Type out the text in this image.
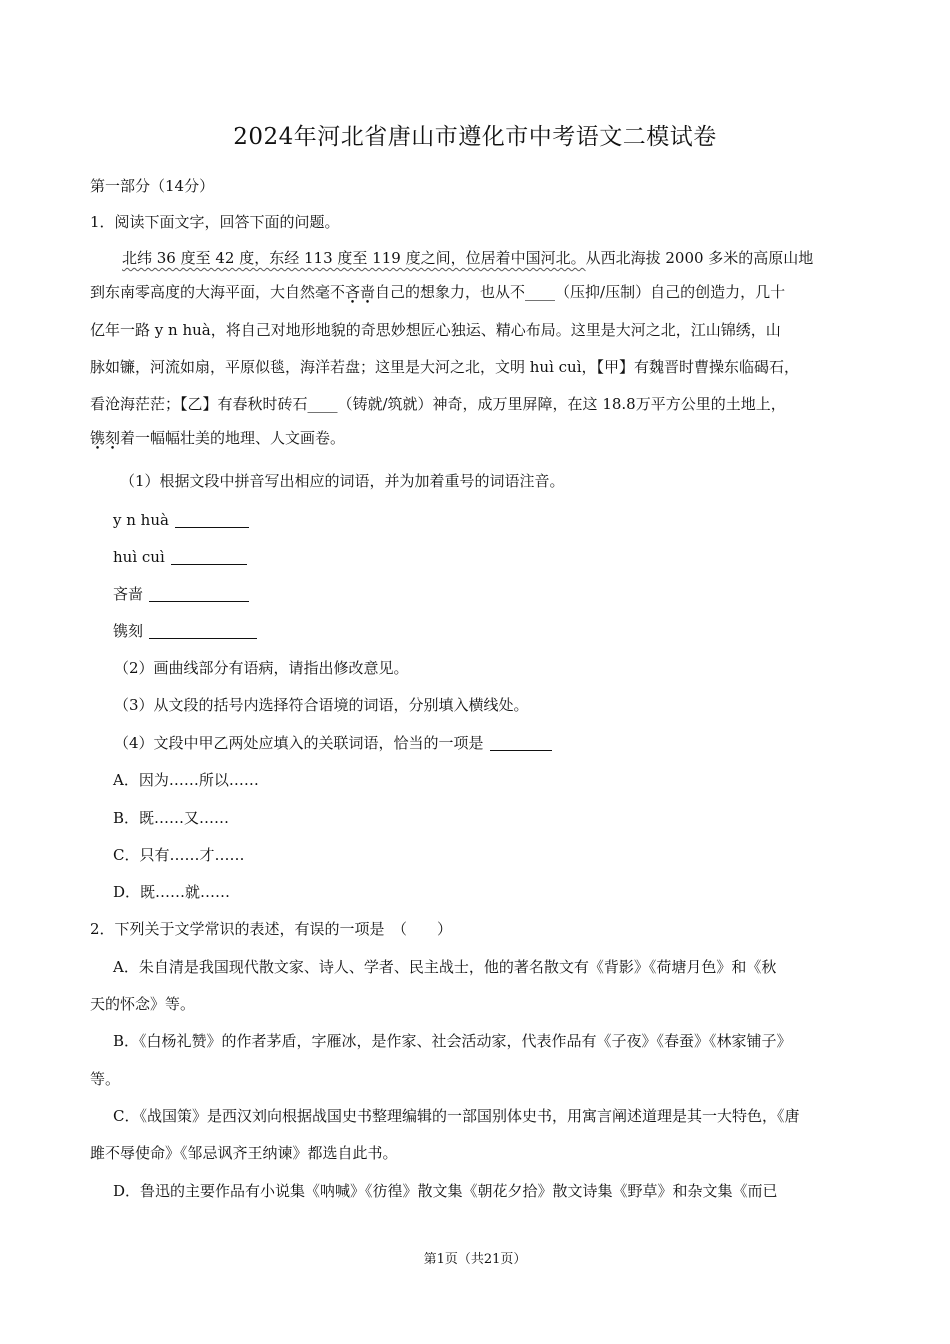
2024年河北省唐山市遵化市中考语文二模试卷
第一部分（14分）
1．阅读下面文字，回答下面的问题。
北纬 36 度至 42 度，东经 113 度至 119 度之间，位居着中国河北。从西北海拔 2000 多米的高原山地
到东南零高度的大海平面，大自然毫不吝啬自己的想象力，也从不____（压抑/压制）自己的创造力，几十
亿年一路 y n huà，将自己对地形地貌的奇思妙想匠心独运、精心布局。这里是大河之北，江山锦绣，山
脉如镰，河流如扇，平原似毯，海洋若盘；这里是大河之北，文明 huì cuì，【甲】有魏晋时曹操东临碣石，
看沧海茫茫；【乙】有春秋时砖石____（铸就/筑就）神奇，成万里屏障，在这 18.8万平方公里的土地上，
镌刻着一幅幅壮美的地理、人文画卷。
（1）根据文段中拼音写出相应的词语，并为加着重号的词语注音。
y n huà
huì cuì
吝啬
镌刻
（2）画曲线部分有语病，请指出修改意见。
（3）从文段的括号内选择符合语境的词语，分别填入横线处。
（4）文段中甲乙两处应填入的关联词语，恰当的一项是
A．因为……所以……
B．既……又……
C．只有……才……
D．既……就……
2．下列关于文学常识的表述，有误的一项是　（　　）
A．朱自清是我国现代散文家、诗人、学者、民主战士，他的著名散文有《背影》《荷塘月色》和《秋
天的怀念》等。
B．《白杨礼赞》的作者茅盾，字雁冰，是作家、社会活动家，代表作品有《子夜》《春蚕》《林家铺子》
等。
C．《战国策》是西汉刘向根据战国史书整理编辑的一部国别体史书，用寓言阐述道理是其一大特色，《唐
雎不辱使命》《邹忌讽齐王纳谏》都选自此书。
D．鲁迅的主要作品有小说集《呐喊》《彷徨》散文集《朝花夕拾》散文诗集《野草》和杂文集《而已
第1页（共21页）
